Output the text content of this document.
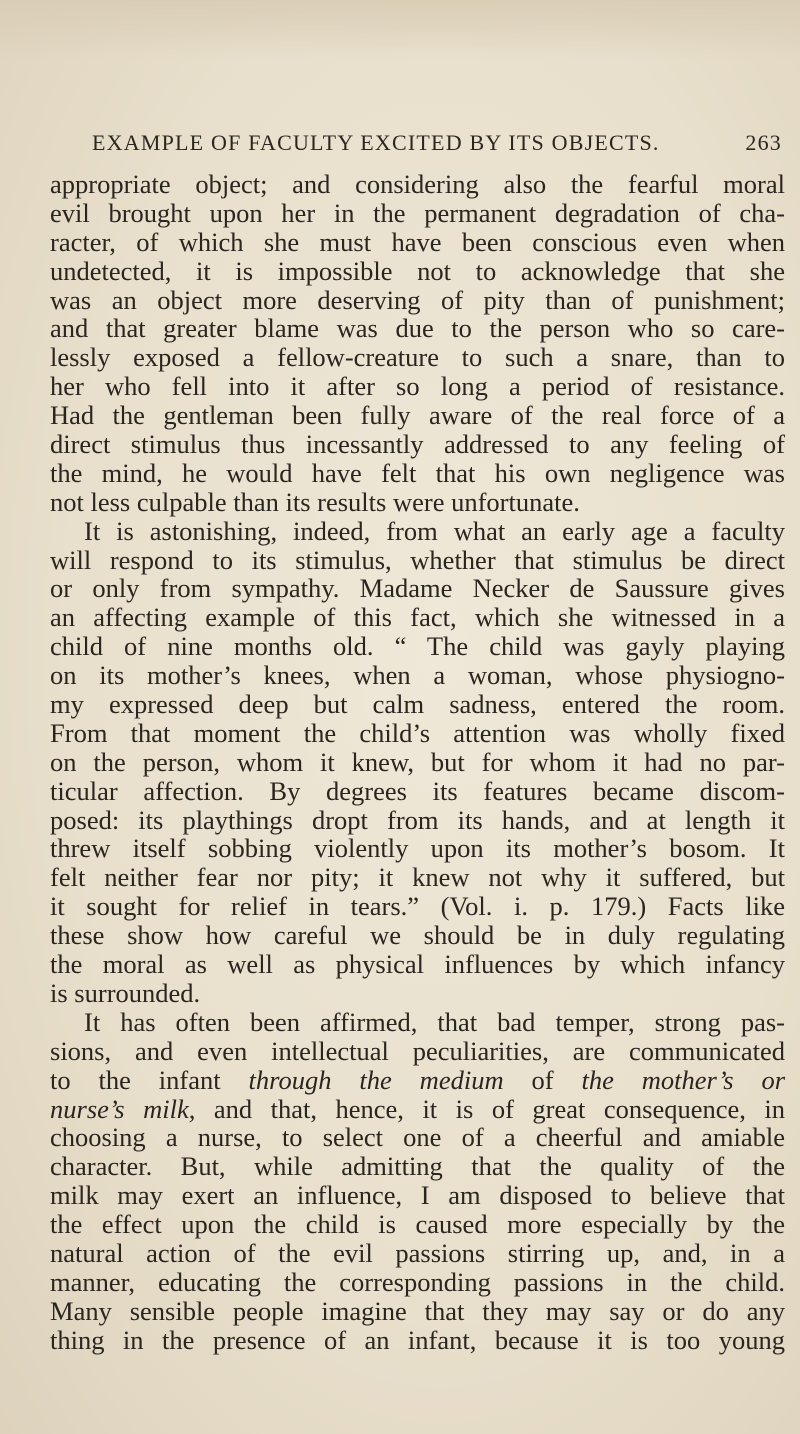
EXAMPLE OF FACULTY EXCITED BY ITS OBJECTS.	263
appropriate object; and considering also the fearful moral
evil brought upon her in the permanent degradation of cha-
racter, of which she must have been conscious even when
undetected, it is impossible not to acknowledge that she
was an object more deserving of pity than of punishment;
and that greater blame was due to the person who so care-
lessly exposed a fellow-creature to such a snare, than to
her who fell into it after so long a period of resistance.
Had the gentleman been fully aware of the real force of a
direct stimulus thus incessantly addressed to any feeling of
the mind, he would have felt that his own negligence was
not less culpable than its results were unfortunate.
It is astonishing, indeed, from what an early age a faculty
will respond to its stimulus, whether that stimulus be direct
or only from sympathy. Madame Necker de Saussure gives
an affecting example of this fact, which she witnessed in a
child of nine months old. “ The child was gayly playing
on its mother’s knees, when a woman, whose physiogno-
my expressed deep but calm sadness, entered the room.
From that moment the child’s attention was wholly fixed
on the person, whom it knew, but for whom it had no par-
ticular affection. By degrees its features became discom-
posed: its playthings dropt from its hands, and at length it
threw itself sobbing violently upon its mother’s bosom. It
felt neither fear nor pity; it knew not why it suffered, but
it sought for relief in tears.” (Vol. i. p. 179.) Facts like
these show how careful we should be in duly regulating
the moral as well as physical influences by which infancy
is surrounded.
It has often been affirmed, that bad temper, strong pas-
sions, and even intellectual peculiarities, are communicated
to the infant through the medium of the mother’s or
nurse’s milk, and that, hence, it is of great consequence, in
choosing a nurse, to select one of a cheerful and amiable
character. But, while admitting that the quality of the
milk may exert an influence, I am disposed to believe that
the effect upon the child is caused more especially by the
natural action of the evil passions stirring up, and, in a
manner, educating the corresponding passions in the child.
Many sensible people imagine that they may say or do any
thing in the presence of an infant, because it is too young
